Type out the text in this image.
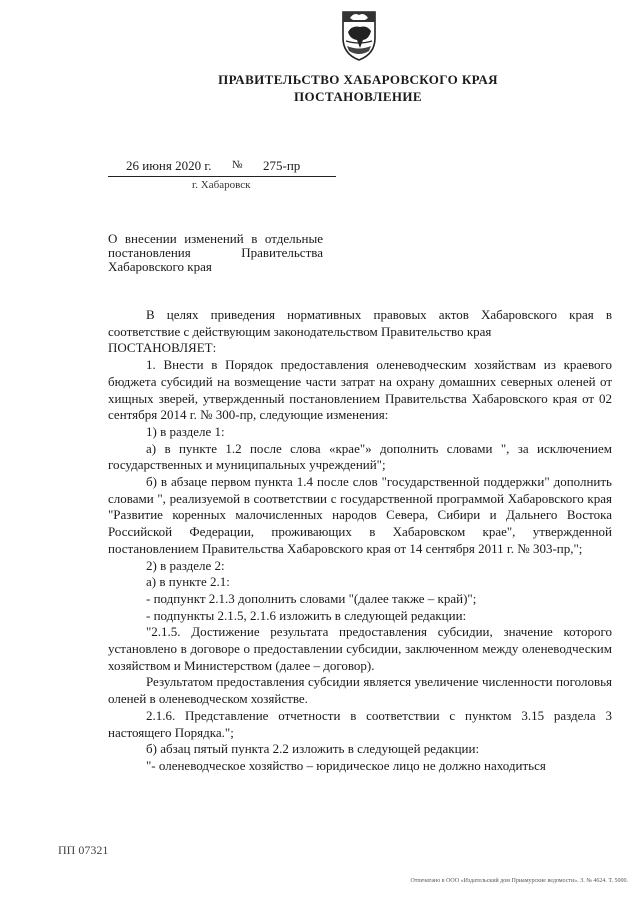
ПРАВИТЕЛЬСТВО ХАБАРОВСКОГО КРАЯ
ПОСТАНОВЛЕНИЕ
26 июня 2020 г. № 275-пр
г. Хабаровск

О внесении изменений в отдельные постановления Правительства Хабаровского края

В целях приведения нормативных правовых актов Хабаровского края в соответствие с действующим законодательством Правительство края

ПОСТАНОВЛЯЕТ:

1. Внести в Порядок предоставления оленеводческим хозяйствам из краевого бюджета субсидий на возмещение части затрат на охрану домашних северных оленей от хищных зверей, утвержденный постановлением Правительства Хабаровского края от 02 сентября 2014 г. № 300-пр, следующие изменения:

1) в разделе 1:

а) в пункте 1.2 после слова «крае"» дополнить словами ", за исключением государственных и муниципальных учреждений";

б) в абзаце первом пункта 1.4 после слов "государственной поддержки" дополнить словами ", реализуемой в соответствии с государственной программой Хабаровского края "Развитие коренных малочисленных народов Севера, Сибири и Дальнего Востока Российской Федерации, проживающих в Хабаровском крае", утвержденной постановлением Правительства Хабаровского края от 14 сентября 2011 г. № 303-пр,";

2) в разделе 2:

а) в пункте 2.1:

- подпункт 2.1.3 дополнить словами "(далее также – край)";

- подпункты 2.1.5, 2.1.6 изложить в следующей редакции:

"2.1.5. Достижение результата предоставления субсидии, значение которого установлено в договоре о предоставлении субсидии, заключенном между оленеводческим хозяйством и Министерством (далее – договор).

Результатом предоставления субсидии является увеличение численности поголовья оленей в оленеводческом хозяйстве.

2.1.6. Представление отчетности в соответствии с пунктом 3.15 раздела 3 настоящего Порядка.";

б) абзац пятый пункта 2.2 изложить в следующей редакции:

"- оленеводческое хозяйство – юридическое лицо не должно находиться

ПП 07321
Отпечатано в ООО «Издательский дом Приамурские ведомости». З. № 4624. Т. 5000.
